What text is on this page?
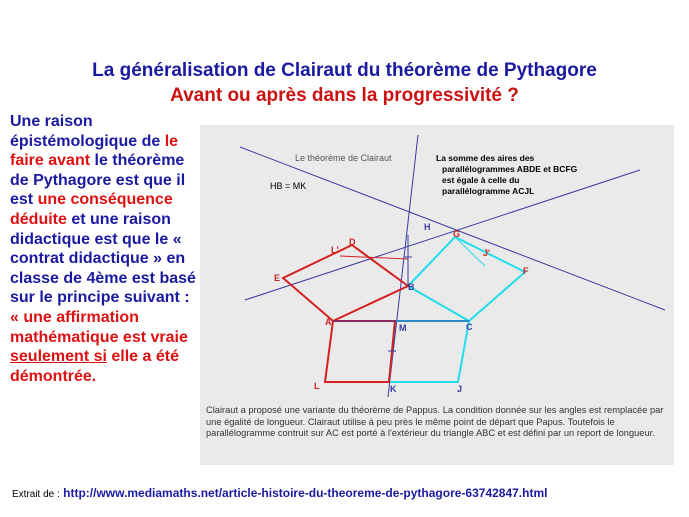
La généralisation de Clairaut du théorème de Pythagore
Avant ou après dans la progressivité ?
Une raison épistémologique de le faire avant le théorème de Pythagore est que il est une conséquence déduite et une raison didactique est que le « contrat didactique » en classe de 4ème est basé sur le principe suivant : « une affirmation mathématique est vraie seulement si elle a été démontrée.
A
B
C
D
E
F
G
H
J'
J
K
L
L'
M
Le théorème de Clairaut
HB = MK
La somme des aires des
parallélogrammes ABDE et BCFG
est égale à celle du
parallélogramme ACJL
Clairaut a proposé une variante du théorème de Pappus. La condition donnée sur les angles est remplacée par une égalité de longueur. Clairaut utilise à peu près le même point de départ que Papus. Toutefois le parallélogramme contruit sur AC est porté à l'extérieur du triangle ABC et est défini par un report de longueur.
Extrait de : http://www.mediamaths.net/article-histoire-du-theoreme-de-pythagore-63742847.html
